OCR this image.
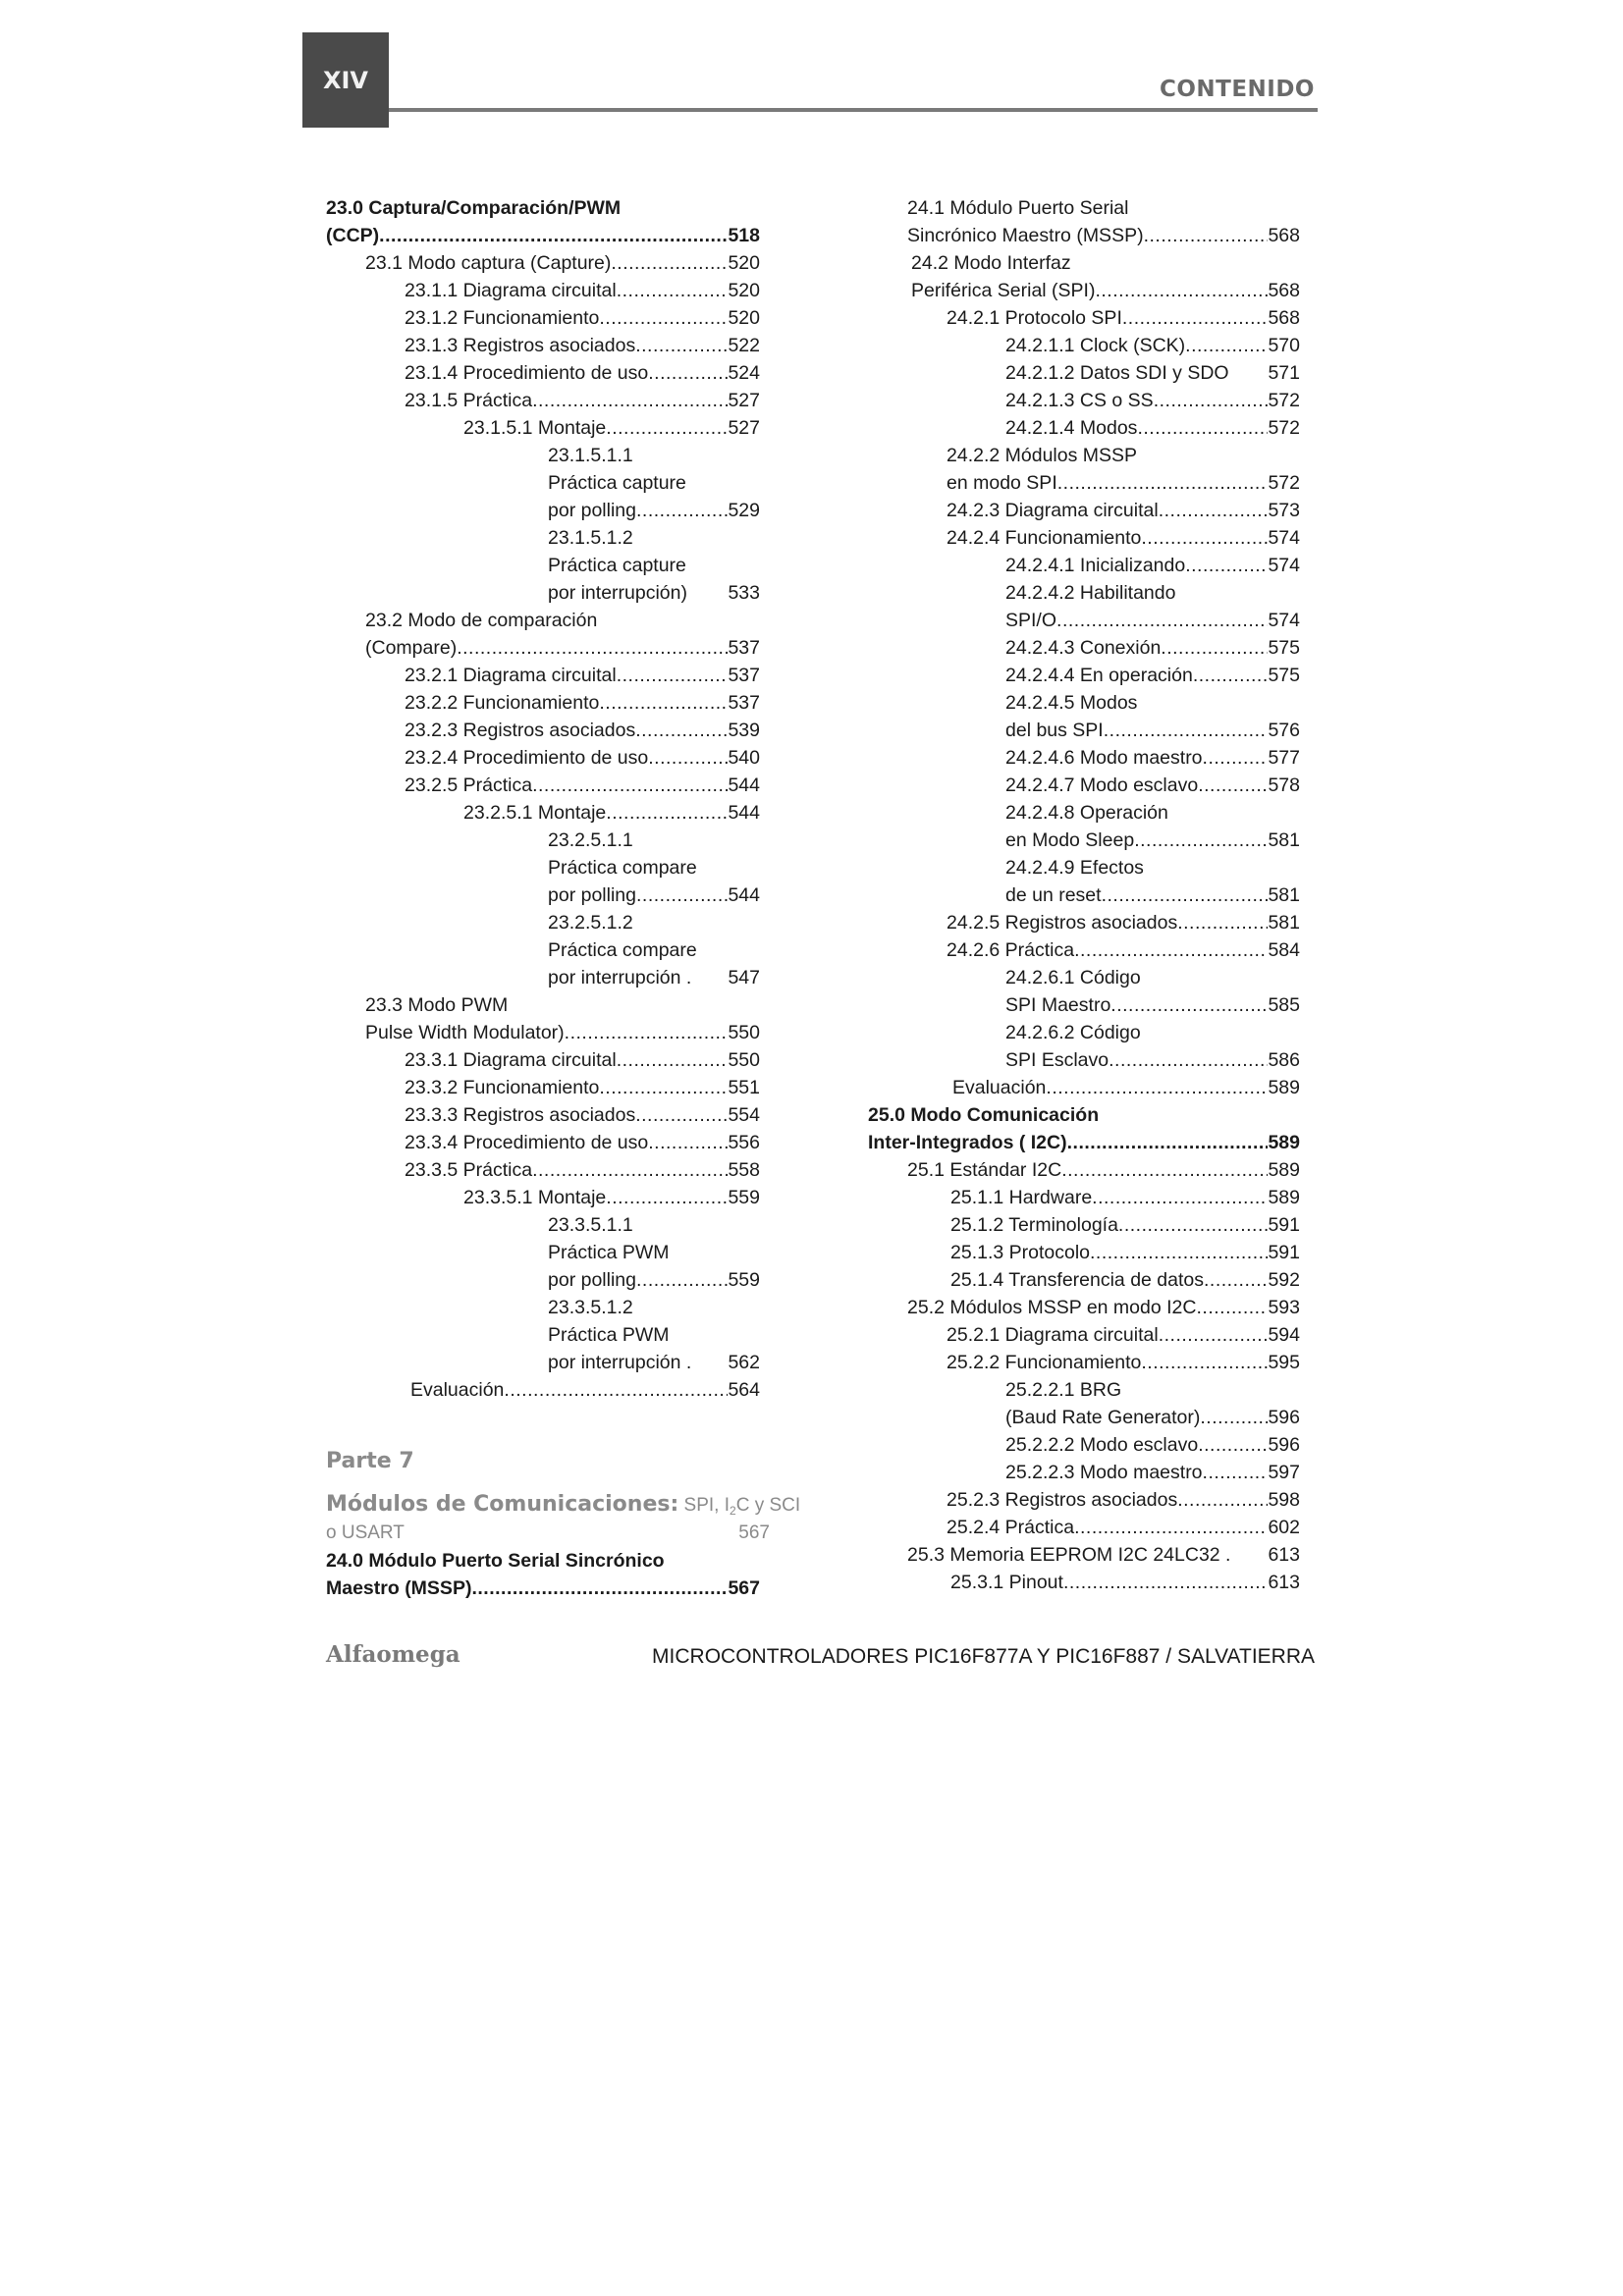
XIV	CONTENIDO
23.0 Captura/Comparación/PWM
(CCP) .....	518
23.1 Modo captura (Capture) .....	520
23.1.1 Diagrama circuital .....	520
23.1.2 Funcionamiento .....	520
23.1.3 Registros asociados .....	522
23.1.4 Procedimiento de uso .....	524
23.1.5 Práctica .....	527
23.1.5.1 Montaje .....	527
23.1.5.1.1
Práctica capture
por polling .....	529
23.1.5.1.2
Práctica capture
por interrupción) 533
23.2 Modo de comparación
(Compare) .....	537
23.2.1 Diagrama circuital .....	537
23.2.2 Funcionamiento .....	537
23.2.3 Registros asociados .....	539
23.2.4 Procedimiento de uso .....	540
23.2.5 Práctica .....	544
23.2.5.1 Montaje .....	544
23.2.5.1.1
Práctica compare
por polling .....	544
23.2.5.1.2
Práctica compare
por interrupción . 547
23.3 Modo PWM
Pulse Width Modulator) .....	550
23.3.1 Diagrama circuital .....	550
23.3.2 Funcionamiento .....	551
23.3.3 Registros asociados .....	554
23.3.4 Procedimiento de uso .....	556
23.3.5 Práctica .....	558
23.3.5.1 Montaje .....	559
23.3.5.1.1
Práctica PWM
por polling .....	559
23.3.5.1.2
Práctica PWM
por interrupción . 562
Evaluación .....	564
Parte 7
Módulos de Comunicaciones: SPI, $I_2C$ y SCI
o USART	567
24.0 Módulo Puerto Serial Sincrónico
Maestro (MSSP) .....	567
24.1 Módulo Puerto Serial
Sincrónico Maestro (MSSP) .....	568
24.2 Modo Interfaz
Periférica Serial (SPI) .....	568
24.2.1 Protocolo SPI .....	568
24.2.1.1 Clock (SCK) .....	570
24.2.1.2 Datos SDI y SDO 571
24.2.1.3 CS o SS .....	572
24.2.1.4 Modos .....	572
24.2.2 Módulos MSSP
en modo SPI .....	572
24.2.3 Diagrama circuital .....	573
24.2.4 Funcionamiento .....	574
24.2.4.1 Inicializando .....	574
24.2.4.2 Habilitando
SPI/O .....	574
24.2.4.3 Conexión .....	575
24.2.4.4 En operación .....	575
24.2.4.5 Modos
del bus SPI .....	576
24.2.4.6 Modo maestro .....	577
24.2.4.7 Modo esclavo .....	578
24.2.4.8 Operación
en Modo Sleep .....	581
24.2.4.9 Efectos
de un reset .....	581
24.2.5 Registros asociados .....	581
24.2.6 Práctica .....	584
24.2.6.1 Código
SPI Maestro .....	585
24.2.6.2 Código
SPI Esclavo .....	586
Evaluación .....	589
25.0 Modo Comunicación
Inter-Integrados ( I2C) .....	589
25.1 Estándar I2C .....	589
25.1.1 Hardware .....	589
25.1.2 Terminología .....	591
25.1.3 Protocolo .....	591
25.1.4 Transferencia de datos .....	592
25.2 Módulos MSSP en modo I2C .....	593
25.2.1 Diagrama circuital .....	594
25.2.2 Funcionamiento .....	595
25.2.2.1 BRG
(Baud Rate Generator) .....	596
25.2.2.2 Modo esclavo .....	596
25.2.2.3 Modo maestro .....	597
25.2.3 Registros asociados .....	598
25.2.4 Práctica .....	602
25.3 Memoria EEPROM I2C 24LC32 . 613
25.3.1 Pinout .....	613
Alfaomega	MICROCONTROLADORES PIC16F877A Y PIC16F887 / SALVATIERRA
